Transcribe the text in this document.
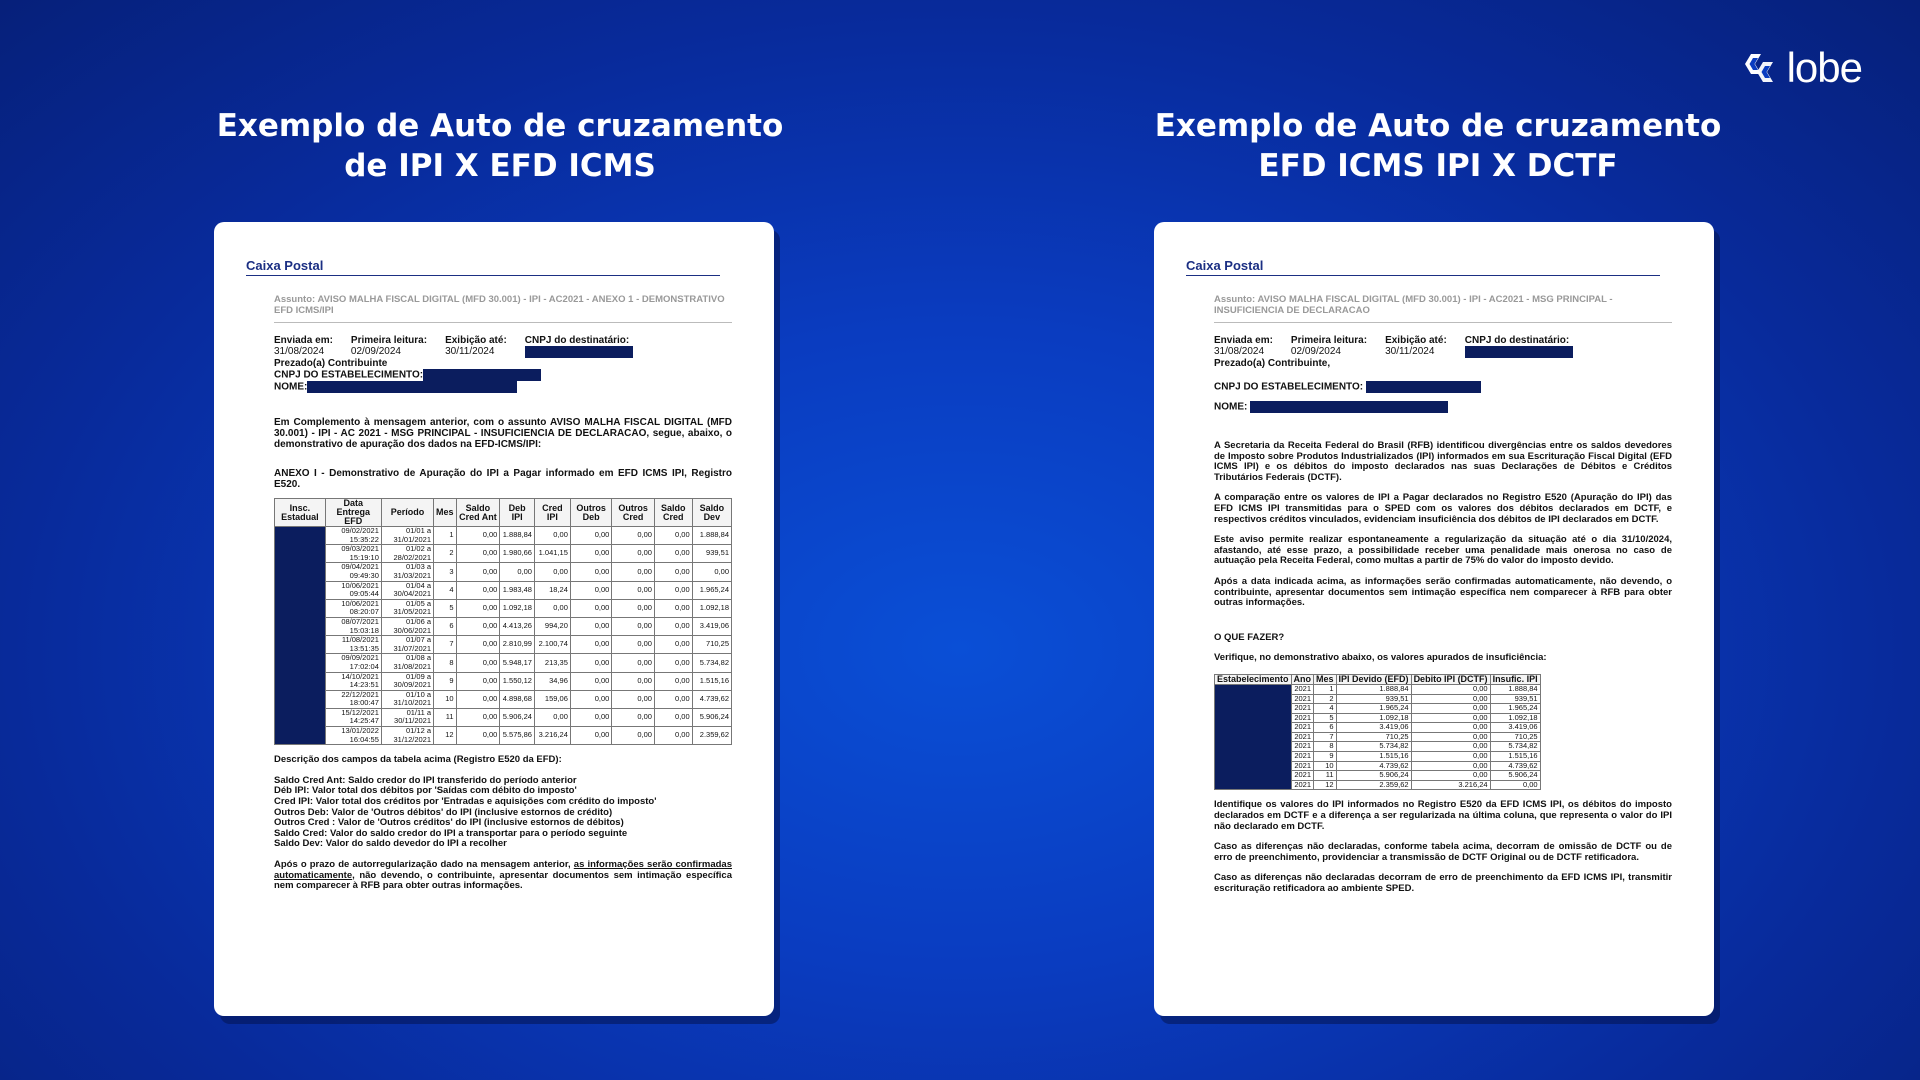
lobe
Exemplo de Auto de cruzamento
de IPI X EFD ICMS
Exemplo de Auto de cruzamento
EFD ICMS IPI X DCTF
Caixa Postal
Assunto: AVISO MALHA FISCAL DIGITAL (MFD 30.001) - IPI - AC2021 - ANEXO 1 - DEMONSTRATIVO EFD ICMS/IPI
Enviada em:
31/08/2024
Primeira leitura:
02/09/2024
Exibição até:
30/11/2024
CNPJ do destinatário:
Prezado(a) Contribuinte
CNPJ DO ESTABELECIMENTO:
NOME:
Em Complemento à mensagem anterior, com o assunto AVISO MALHA FISCAL DIGITAL (MFD 30.001) - IPI - AC 2021 - MSG PRINCIPAL - INSUFICIENCIA DE DECLARACAO, segue, abaixo, o demonstrativo de apuração dos dados na EFD-ICMS/IPI:
ANEXO I - Demonstrativo de Apuração do IPI a Pagar informado em EFD ICMS IPI, Registro E520.
Insc. Estadual	Data Entrega EFD	Período	Mes	Saldo Cred Ant	Deb IPI	Cred IPI	Outros Deb	Outros Cred	Saldo Cred	Saldo Dev
	09/02/2021 15:35:22	01/01 a 31/01/2021	1	0,00	1.888,84	0,00	0,00	0,00	0,00	1.888,84
	09/03/2021 15:19:10	01/02 a 28/02/2021	2	0,00	1.980,66	1.041,15	0,00	0,00	0,00	939,51
	09/04/2021 09:49:30	01/03 a 31/03/2021	3	0,00	0,00	0,00	0,00	0,00	0,00	0,00
	10/06/2021 09:05:44	01/04 a 30/04/2021	4	0,00	1.983,48	18,24	0,00	0,00	0,00	1.965,24
	10/06/2021 08:20:07	01/05 a 31/05/2021	5	0,00	1.092,18	0,00	0,00	0,00	0,00	1.092,18
	08/07/2021 15:03:18	01/06 a 30/06/2021	6	0,00	4.413,26	994,20	0,00	0,00	0,00	3.419,06
	11/08/2021 13:51:35	01/07 a 31/07/2021	7	0,00	2.810,99	2.100,74	0,00	0,00	0,00	710,25
	09/09/2021 17:02:04	01/08 a 31/08/2021	8	0,00	5.948,17	213,35	0,00	0,00	0,00	5.734,82
	14/10/2021 14:23:51	01/09 a 30/09/2021	9	0,00	1.550,12	34,96	0,00	0,00	0,00	1.515,16
	22/12/2021 18:00:47	01/10 a 31/10/2021	10	0,00	4.898,68	159,06	0,00	0,00	0,00	4.739,62
	15/12/2021 14:25:47	01/11 a 30/11/2021	11	0,00	5.906,24	0,00	0,00	0,00	0,00	5.906,24
	13/01/2022 16:04:55	01/12 a 31/12/2021	12	0,00	5.575,86	3.216,24	0,00	0,00	0,00	2.359,62
Descrição dos campos da tabela acima (Registro E520 da EFD):
Saldo Cred Ant: Saldo credor do IPI transferido do período anterior
Déb IPI: Valor total dos débitos por 'Saídas com débito do imposto'
Cred IPI: Valor total dos créditos por 'Entradas e aquisições com crédito do imposto'
Outros Deb: Valor de 'Outros débitos' do IPI (inclusive estornos de crédito)
Outros Cred : Valor de 'Outros créditos' do IPI (inclusive estornos de débitos)
Saldo Cred: Valor do saldo credor do IPI a transportar para o período seguinte
Saldo Dev: Valor do saldo devedor do IPI a recolher
Após o prazo de autorregularização dado na mensagem anterior, as informações serão confirmadas automaticamente, não devendo, o contribuinte, apresentar documentos sem intimação específica nem comparecer à RFB para obter outras informações.
Caixa Postal
Assunto: AVISO MALHA FISCAL DIGITAL (MFD 30.001) - IPI - AC2021 - MSG PRINCIPAL - INSUFICIENCIA DE DECLARACAO
Enviada em:
31/08/2024
Primeira leitura:
02/09/2024
Exibição até:
30/11/2024
CNPJ do destinatário:
Prezado(a) Contribuinte,
CNPJ DO ESTABELECIMENTO:
NOME:
A Secretaria da Receita Federal do Brasil (RFB) identificou divergências entre os saldos devedores de Imposto sobre Produtos Industrializados (IPI) informados em sua Escrituração Fiscal Digital (EFD ICMS IPI) e os débitos do imposto declarados nas suas Declarações de Débitos e Créditos Tributários Federais (DCTF).
A comparação entre os valores de IPI a Pagar declarados no Registro E520 (Apuração do IPI) das EFD ICMS IPI transmitidas para o SPED com os valores dos débitos declarados em DCTF, e respectivos créditos vinculados, evidenciam insuficiência dos débitos de IPI declarados em DCTF.
Este aviso permite realizar espontaneamente a regularização da situação até o dia 31/10/2024, afastando, até esse prazo, a possibilidade receber uma penalidade mais onerosa no caso de autuação pela Receita Federal, como multas a partir de 75% do valor do imposto devido.
Após a data indicada acima, as informações serão confirmadas automaticamente, não devendo, o contribuinte, apresentar documentos sem intimação específica nem comparecer à RFB para obter outras informações.
O QUE FAZER?
Verifique, no demonstrativo abaixo, os valores apurados de insuficiência:
Estabelecimento	Ano	Mes	IPI Devido (EFD)	Debito IPI (DCTF)	Insufic. IPI
	2021	1	1.888,84	0,00	1.888,84
	2021	2	939,51	0,00	939,51
	2021	4	1.965,24	0,00	1.965,24
	2021	5	1.092,18	0,00	1.092,18
	2021	6	3.419,06	0,00	3.419,06
	2021	7	710,25	0,00	710,25
	2021	8	5.734,82	0,00	5.734,82
	2021	9	1.515,16	0,00	1.515,16
	2021	10	4.739,62	0,00	4.739,62
	2021	11	5.906,24	0,00	5.906,24
	2021	12	2.359,62	3.216,24	0,00
Identifique os valores do IPI informados no Registro E520 da EFD ICMS IPI, os débitos do imposto declarados em DCTF e a diferença a ser regularizada na última coluna, que representa o valor do IPI não declarado em DCTF.
Caso as diferenças não declaradas, conforme tabela acima, decorram de omissão de DCTF ou de erro de preenchimento, providenciar a transmissão de DCTF Original ou de DCTF retificadora.
Caso as diferenças não declaradas decorram de erro de preenchimento da EFD ICMS IPI, transmitir escrituração retificadora ao ambiente SPED.
